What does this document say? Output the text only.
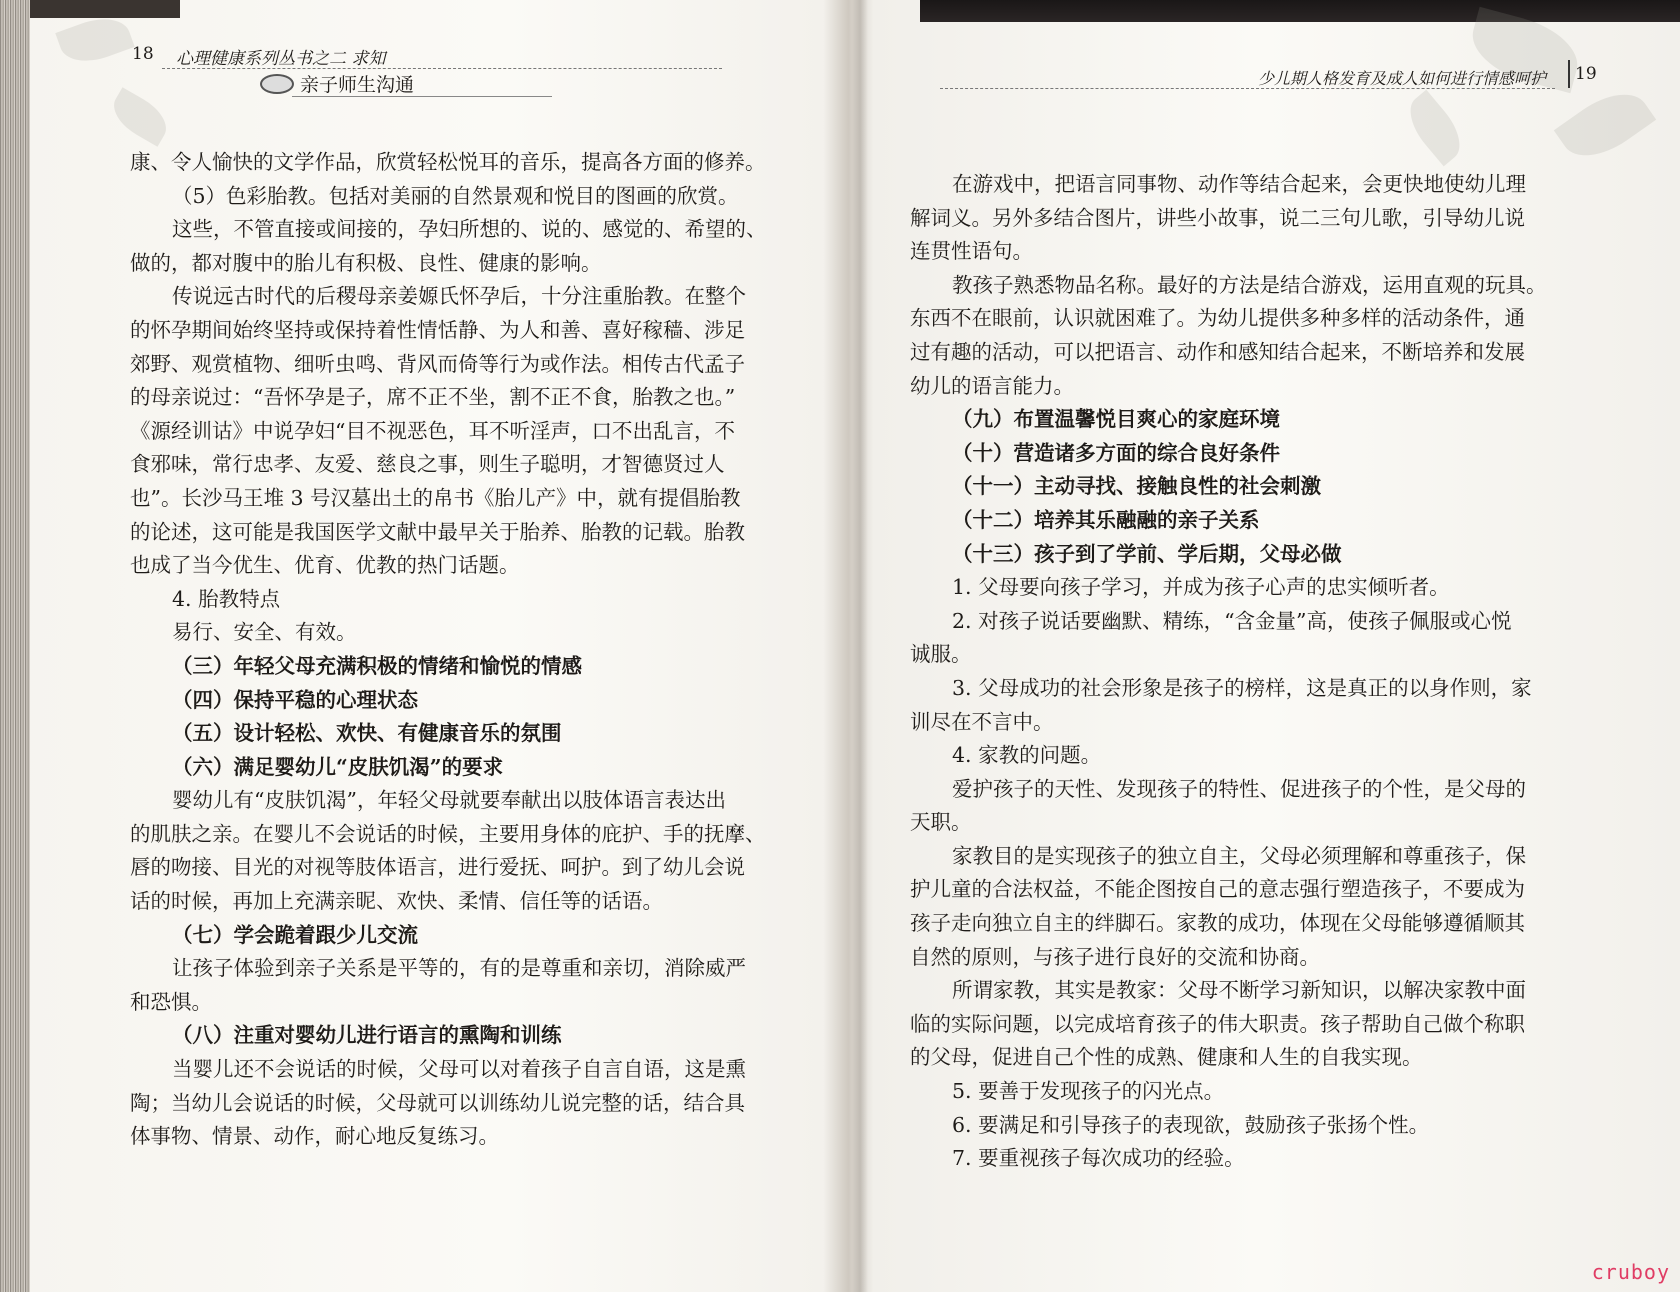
18 心理健康系列丛书之二 求知
亲子师生沟通	少儿期人格发育及成人如何进行情感呵护 19
康、令人愉快的文学作品，欣赏轻松悦耳的音乐，提高各方面的修养。
（5）色彩胎教。包括对美丽的自然景观和悦目的图画的欣赏。
这些，不管直接或间接的，孕妇所想的、说的、感觉的、希望的、
做的，都对腹中的胎儿有积极、良性、健康的影响。
传说远古时代的后稷母亲姜嫄氏怀孕后，十分注重胎教。在整个
的怀孕期间始终坚持或保持着性情恬静、为人和善、喜好稼穑、涉足
郊野、观赏植物、细听虫鸣、背风而倚等行为或作法。相传古代孟子
的母亲说过：“吾怀孕是子，席不正不坐，割不正不食，胎教之也。”
《源经训诂》中说孕妇“目不视恶色，耳不听淫声，口不出乱言，不
食邪味，常行忠孝、友爱、慈良之事，则生子聪明，才智德贤过人
也”。长沙马王堆 3 号汉墓出土的帛书《胎儿产》中，就有提倡胎教
的论述，这可能是我国医学文献中最早关于胎养、胎教的记载。胎教
也成了当今优生、优育、优教的热门话题。
4. 胎教特点
易行、安全、有效。
（三）年轻父母充满积极的情绪和愉悦的情感
（四）保持平稳的心理状态
（五）设计轻松、欢快、有健康音乐的氛围
（六）满足婴幼儿“皮肤饥渴”的要求
婴幼儿有“皮肤饥渴”，年轻父母就要奉献出以肢体语言表达出
的肌肤之亲。在婴儿不会说话的时候，主要用身体的庇护、手的抚摩、
唇的吻接、目光的对视等肢体语言，进行爱抚、呵护。到了幼儿会说
话的时候，再加上充满亲昵、欢快、柔情、信任等的话语。
（七）学会跪着跟少儿交流
让孩子体验到亲子关系是平等的，有的是尊重和亲切，消除威严
和恐惧。
（八）注重对婴幼儿进行语言的熏陶和训练
当婴儿还不会说话的时候，父母可以对着孩子自言自语，这是熏
陶；当幼儿会说话的时候，父母就可以训练幼儿说完整的话，结合具
体事物、情景、动作，耐心地反复练习。
在游戏中，把语言同事物、动作等结合起来，会更快地使幼儿理
解词义。另外多结合图片，讲些小故事，说二三句儿歌，引导幼儿说
连贯性语句。
教孩子熟悉物品名称。最好的方法是结合游戏，运用直观的玩具。
东西不在眼前，认识就困难了。为幼儿提供多种多样的活动条件，通
过有趣的活动，可以把语言、动作和感知结合起来，不断培养和发展
幼儿的语言能力。
（九）布置温馨悦目爽心的家庭环境
（十）营造诸多方面的综合良好条件
（十一）主动寻找、接触良性的社会刺激
（十二）培养其乐融融的亲子关系
（十三）孩子到了学前、学后期，父母必做
1. 父母要向孩子学习，并成为孩子心声的忠实倾听者。
2. 对孩子说话要幽默、精练，“含金量”高，使孩子佩服或心悦
诚服。
3. 父母成功的社会形象是孩子的榜样，这是真正的以身作则，家
训尽在不言中。
4. 家教的问题。
爱护孩子的天性、发现孩子的特性、促进孩子的个性，是父母的
天职。
家教目的是实现孩子的独立自主，父母必须理解和尊重孩子，保
护儿童的合法权益，不能企图按自己的意志强行塑造孩子，不要成为
孩子走向独立自主的绊脚石。家教的成功，体现在父母能够遵循顺其
自然的原则，与孩子进行良好的交流和协商。
所谓家教，其实是教家：父母不断学习新知识，以解决家教中面
临的实际问题，以完成培育孩子的伟大职责。孩子帮助自己做个称职
的父母，促进自己个性的成熟、健康和人生的自我实现。
5. 要善于发现孩子的闪光点。
6. 要满足和引导孩子的表现欲，鼓励孩子张扬个性。
7. 要重视孩子每次成功的经验。
cruboy
